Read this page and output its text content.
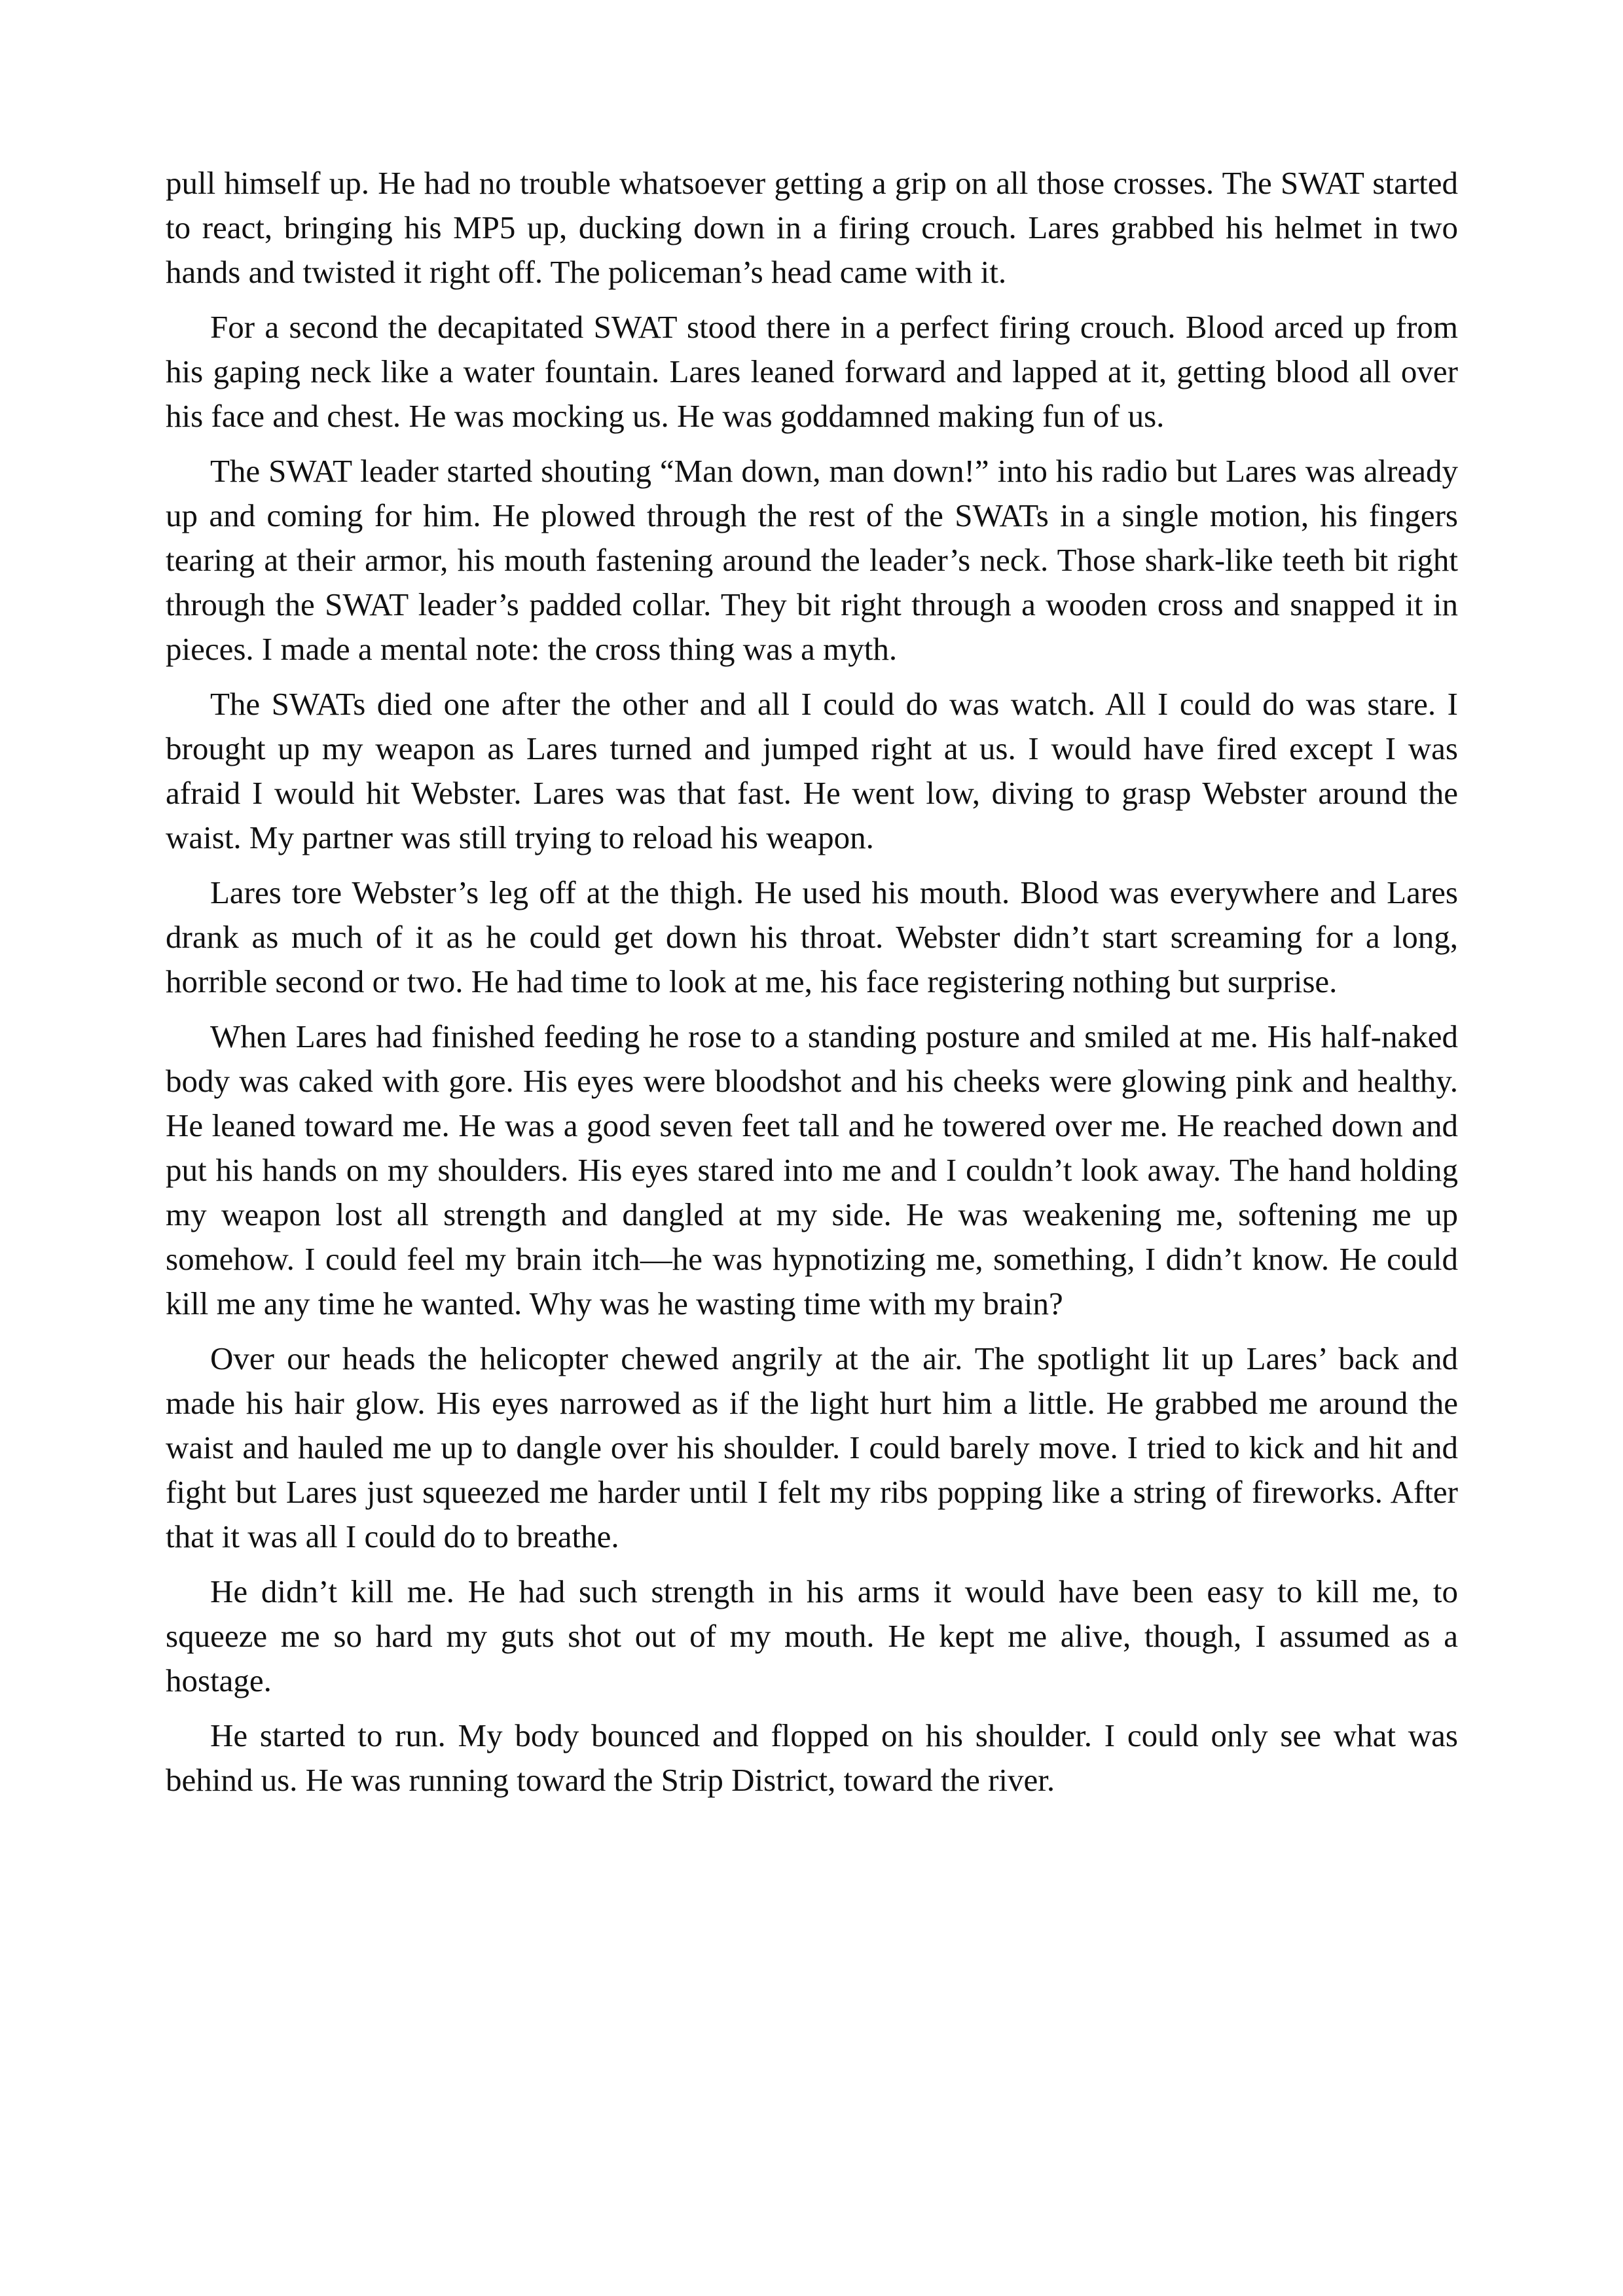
pull himself up. He had no trouble whatsoever getting a grip on all those crosses. The SWAT started to react, bringing his MP5 up, ducking down in a firing crouch. Lares grabbed his helmet in two hands and twisted it right off. The policeman’s head came with it.

For a second the decapitated SWAT stood there in a perfect firing crouch. Blood arced up from his gaping neck like a water fountain. Lares leaned forward and lapped at it, getting blood all over his face and chest. He was mocking us. He was goddamned making fun of us.

The SWAT leader started shouting “Man down, man down!” into his radio but Lares was already up and coming for him. He plowed through the rest of the SWATs in a single motion, his fingers tearing at their armor, his mouth fastening around the leader’s neck. Those shark-like teeth bit right through the SWAT leader’s padded collar. They bit right through a wooden cross and snapped it in pieces. I made a mental note: the cross thing was a myth.

The SWATs died one after the other and all I could do was watch. All I could do was stare. I brought up my weapon as Lares turned and jumped right at us. I would have fired except I was afraid I would hit Webster. Lares was that fast. He went low, diving to grasp Webster around the waist. My partner was still trying to reload his weapon.

Lares tore Webster’s leg off at the thigh. He used his mouth. Blood was everywhere and Lares drank as much of it as he could get down his throat. Webster didn’t start screaming for a long, horrible second or two. He had time to look at me, his face registering nothing but surprise.

When Lares had finished feeding he rose to a standing posture and smiled at me. His half-naked body was caked with gore. His eyes were bloodshot and his cheeks were glowing pink and healthy. He leaned toward me. He was a good seven feet tall and he towered over me. He reached down and put his hands on my shoulders. His eyes stared into me and I couldn’t look away. The hand holding my weapon lost all strength and dangled at my side. He was weakening me, softening me up somehow. I could feel my brain itch—he was hypnotizing me, something, I didn’t know. He could kill me any time he wanted. Why was he wasting time with my brain?

Over our heads the helicopter chewed angrily at the air. The spotlight lit up Lares’ back and made his hair glow. His eyes narrowed as if the light hurt him a little. He grabbed me around the waist and hauled me up to dangle over his shoulder. I could barely move. I tried to kick and hit and fight but Lares just squeezed me harder until I felt my ribs popping like a string of fireworks. After that it was all I could do to breathe.

He didn’t kill me. He had such strength in his arms it would have been easy to kill me, to squeeze me so hard my guts shot out of my mouth. He kept me alive, though, I assumed as a hostage.

He started to run. My body bounced and flopped on his shoulder. I could only see what was behind us. He was running toward the Strip District, toward the river.
